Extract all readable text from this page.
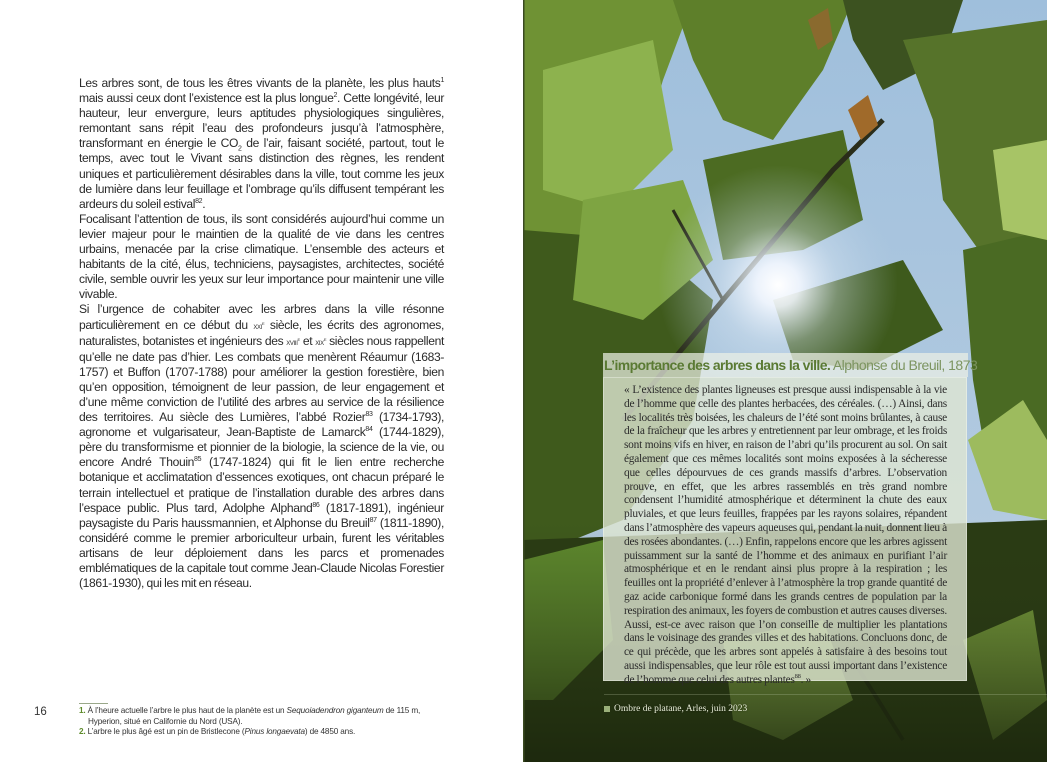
Les arbres sont, de tous les êtres vivants de la planète, les plus hauts$^1$ mais aussi ceux dont l’existence est la plus longue$^2$. Cette longévité, leur hauteur, leur envergure, leurs aptitudes physiologiques singulières, remontant sans répit l’eau des profondeurs jusqu’à l’atmosphère, transformant en énergie le $CO_2$ de l’air, faisant société, partout, tout le temps, avec tout le Vivant sans distinction des règnes, les rendent uniques et particulièrement désirables dans la ville, tout comme les jeux de lumière dans leur feuillage et l’ombrage qu’ils diffusent tempérant les ardeurs du soleil estival$^{82}$.

Focalisant l’attention de tous, ils sont considérés aujourd’hui comme un levier majeur pour le maintien de la qualité de vie dans les centres urbains, menacée par la crise climatique. L’ensemble des acteurs et habitants de la cité, élus, techniciens, paysagistes, architectes, société civile, semble ouvrir les yeux sur leur importance pour maintenir une ville vivable.

Si l’urgence de cohabiter avec les arbres dans la ville résonne particulièrement en ce début du xxi$^e$ siècle, les écrits des agronomes, naturalistes, botanistes et ingénieurs des xviii$^e$ et xix$^e$ siècles nous rappellent qu’elle ne date pas d’hier. Les combats que menèrent Réaumur (1683-1757) et Buffon (1707-1788) pour améliorer la gestion forestière, bien qu’en opposition, témoignent de leur passion, de leur engagement et d’une même conviction de l’utilité des arbres au service de la résilience des territoires. Au siècle des Lumières, l’abbé Rozier$^{83}$ (1734-1793), agronome et vulgarisateur, Jean-Baptiste de Lamarck$^{84}$ (1744-1829), père du transformisme et pionnier de la biologie, la science de la vie, ou encore André Thouin$^{85}$ (1747-1824) qui fit le lien entre recherche botanique et acclimatation d’essences exotiques, ont chacun préparé le terrain intellectuel et pratique de l’installation durable des arbres dans l’espace public. Plus tard, Adolphe Alphand$^{86}$ (1817-1891), ingénieur paysagiste du Paris haussmannien, et Alphonse du Breuil$^{87}$ (1811-1890), considéré comme le premier arboriculteur urbain, furent les véritables artisans de leur déploiement dans les parcs et promenades emblématiques de la capitale tout comme Jean-Claude Nicolas Forestier (1861-1930), qui les mit en réseau.

16	1. À l’heure actuelle l’arbre le plus haut de la planète est un Sequoiadendron giganteum de 115 m, Hyperion, situé en Californie du Nord (USA).

2. L’arbre le plus âgé est un pin de Bristlecone (Pinus longaevata) de 4850 ans.

L’importance des arbres dans la ville. Alphonse du Breuil, 1873
« L’existence des plantes ligneuses est presque aussi indispensable à la vie de l’homme que celle des plantes herbacées, des céréales. (…) Ainsi, dans les localités très boisées, les chaleurs de l’été sont moins brûlantes, à cause de la fraîcheur que les arbres y entretiennent par leur ombrage, et les froids sont moins vifs en hiver, en raison de l’abri qu’ils procurent au sol. On sait également que ces mêmes localités sont moins exposées à la sécheresse que celles dépourvues de ces grands massifs d’arbres. L’observation prouve, en effet, que les arbres rassemblés en très grand nombre condensent l’humidité atmosphérique et déterminent la chute des eaux pluviales, et que leurs feuilles, frappées par les rayons solaires, répandent dans l’atmosphère des vapeurs aqueuses qui, pendant la nuit, donnent lieu à des rosées abondantes. (…) Enfin, rappelons encore que les arbres agissent puissamment sur la santé de l’homme et des animaux en purifiant l’air atmosphérique et en le rendant ainsi plus propre à la respiration ; les feuilles ont la propriété d’enlever à l’atmosphère la trop grande quantité de gaz acide carbonique formé dans les grands centres de population par la respiration des animaux, les foyers de combustion et autres causes diverses. Aussi, est-ce avec raison que l’on conseille de multiplier les plantations dans le voisinage des grandes villes et des habitations. Concluons donc, de ce qui précède, que les arbres sont appelés à satisfaire à des besoins tout aussi indispensables, que leur rôle est tout aussi important dans l’existence de l’homme que celui des autres plantes$^{88}$. »
Ombre de platane, Arles, juin 2023
